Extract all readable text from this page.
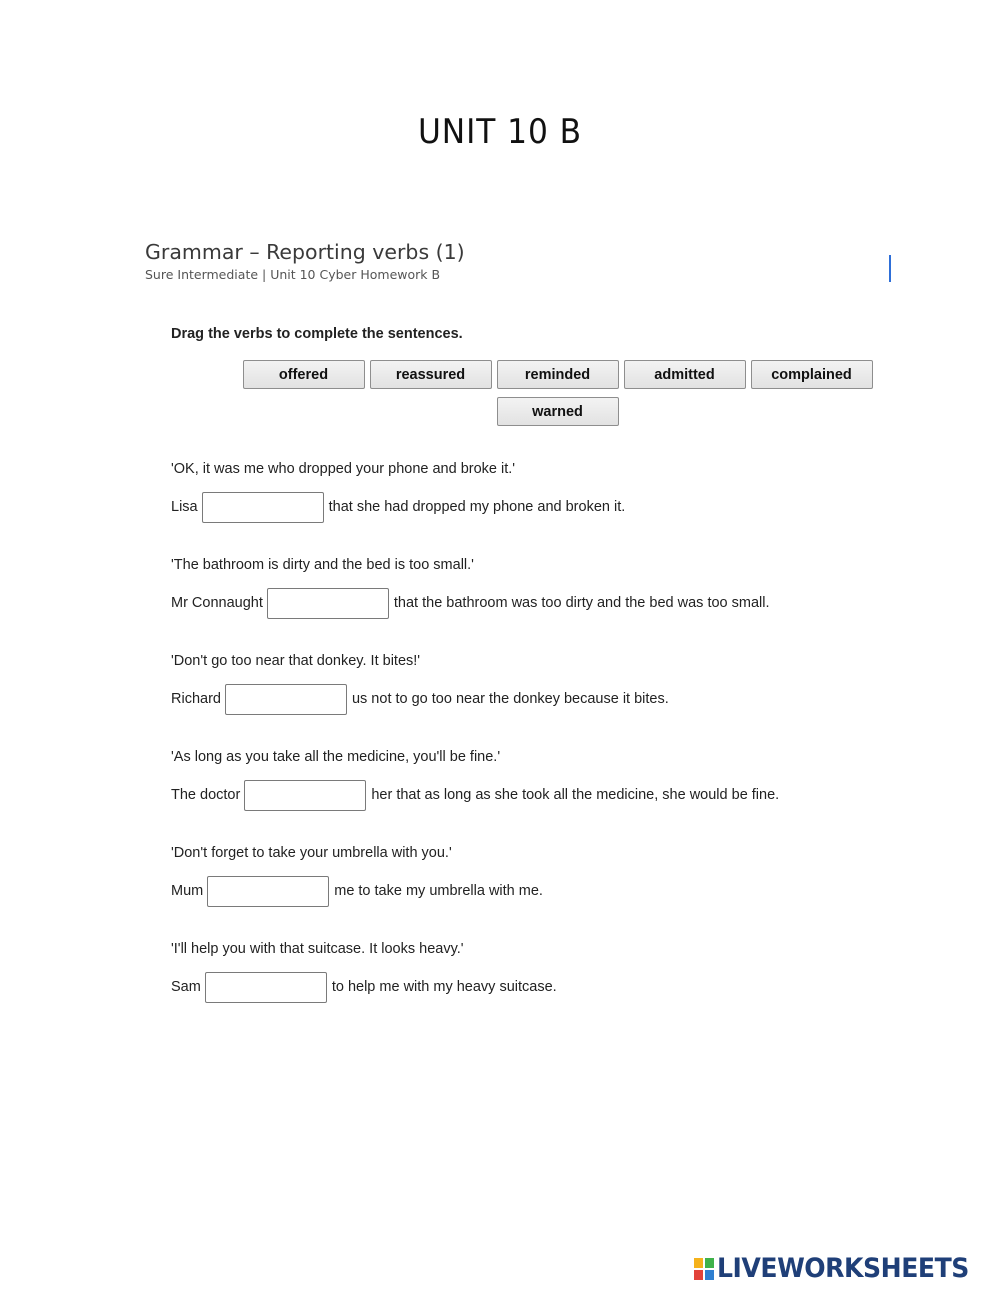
UNIT 10 B
Grammar – Reporting verbs (1)
Sure Intermediate | Unit 10 Cyber Homework B
Drag the verbs to complete the sentences.
offered	reassured	reminded	admitted	complained
warned
'OK, it was me who dropped your phone and broke it.'
Lisa	that she had dropped my phone and broken it.
'The bathroom is dirty and the bed is too small.'
Mr Connaught	that the bathroom was too dirty and the bed was too small.
'Don't go too near that donkey. It bites!'
Richard	us not to go too near the donkey because it bites.
'As long as you take all the medicine, you'll be fine.'
The doctor	her that as long as she took all the medicine, she would be fine.
'Don't forget to take your umbrella with you.'
Mum	me to take my umbrella with me.
'I'll help you with that suitcase. It looks heavy.'
Sam	to help me with my heavy suitcase.
LIVEWORKSHEETS
